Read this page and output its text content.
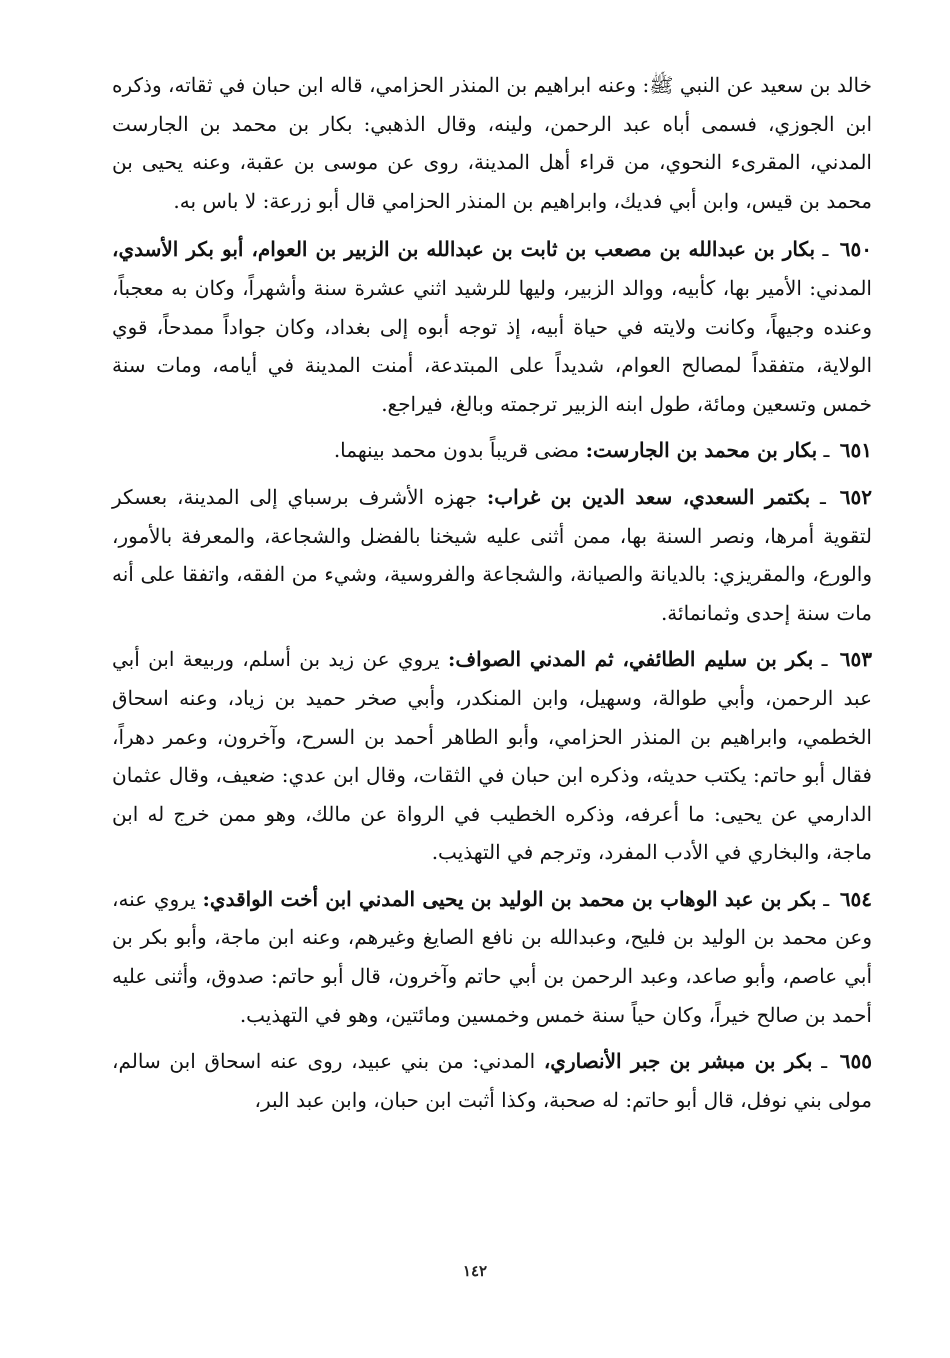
خالد بن سعيد عن النبي ﷺ: وعنه ابراهيم بن المنذر الحزامي، قاله ابن حبان في ثقاته، وذكره ابن الجوزي، فسمى أباه عبد الرحمن، ولينه، وقال الذهبي: بكار بن محمد بن الجارست المدني، المقرىء النحوي، من قراء أهل المدينة، روى عن موسى بن عقبة، وعنه يحيى بن محمد بن قيس، وابن أبي فديك، وابراهيم بن المنذر الحزامي قال أبو زرعة: لا باس به.

٦٥٠ ـ بكار بن عبدالله بن مصعب بن ثابت بن عبدالله بن الزبير بن العوام، أبو بكر الأسدي، المدني: الأمير بها، كأبيه، ووالد الزبير، وليها للرشيد اثني عشرة سنة وأشهراً، وكان به معجباً، وعنده وجيهاً، وكانت ولايته في حياة أبيه، إذ توجه أبوه إلى بغداد، وكان جواداً ممدحاً، قوي الولاية، متفقداً لمصالح العوام، شديداً على المبتدعة، أمنت المدينة في أيامه، ومات سنة خمس وتسعين ومائة، طول ابنه الزبير ترجمته وبالغ، فيراجع.

٦٥١ ـ بكار بن محمد بن الجارست: مضى قريباً بدون محمد بينهما.

٦٥٢ ـ بكتمر السعدي، سعد الدين بن غراب: جهزه الأشرف برسباي إلى المدينة، بعسكر لتقوية أمرها، ونصر السنة بها، ممن أثنى عليه شيخنا بالفضل والشجاعة، والمعرفة بالأمور، والورع، والمقريزي: بالديانة والصيانة، والشجاعة والفروسية، وشيء من الفقه، واتفقا على أنه مات سنة إحدى وثمانمائة.

٦٥٣ ـ بكر بن سليم الطائفي، ثم المدني الصواف: يروي عن زيد بن أسلم، وربيعة ابن أبي عبد الرحمن، وأبي طوالة، وسهيل، وابن المنكدر، وأبي صخر حميد بن زياد، وعنه اسحاق الخطمي، وابراهيم بن المنذر الحزامي، وأبو الطاهر أحمد بن السرح، وآخرون، وعمر دهراً، فقال أبو حاتم: يكتب حديثه، وذكره ابن حبان في الثقات، وقال ابن عدي: ضعيف، وقال عثمان الدارمي عن يحيى: ما أعرفه، وذكره الخطيب في الرواة عن مالك، وهو ممن خرج له ابن ماجة، والبخاري في الأدب المفرد، وترجم في التهذيب.

٦٥٤ ـ بكر بن عبد الوهاب بن محمد بن الوليد بن يحيى المدني ابن أخت الواقدي: يروي عنه، وعن محمد بن الوليد بن فليح، وعبدالله بن نافع الصايغ وغيرهم، وعنه ابن ماجة، وأبو بكر بن أبي عاصم، وأبو صاعد، وعبد الرحمن بن أبي حاتم وآخرون، قال أبو حاتم: صدوق، وأثنى عليه أحمد بن صالح خيراً، وكان حياً سنة خمس وخمسين ومائتين، وهو في التهذيب.

٦٥٥ ـ بكر بن مبشر بن جبر الأنصاري، المدني: من بني عبيد، روى عنه اسحاق ابن سالم، مولى بني نوفل، قال أبو حاتم: له صحبة، وكذا أثبت ابن حبان، وابن عبد البر،

١٤٢
